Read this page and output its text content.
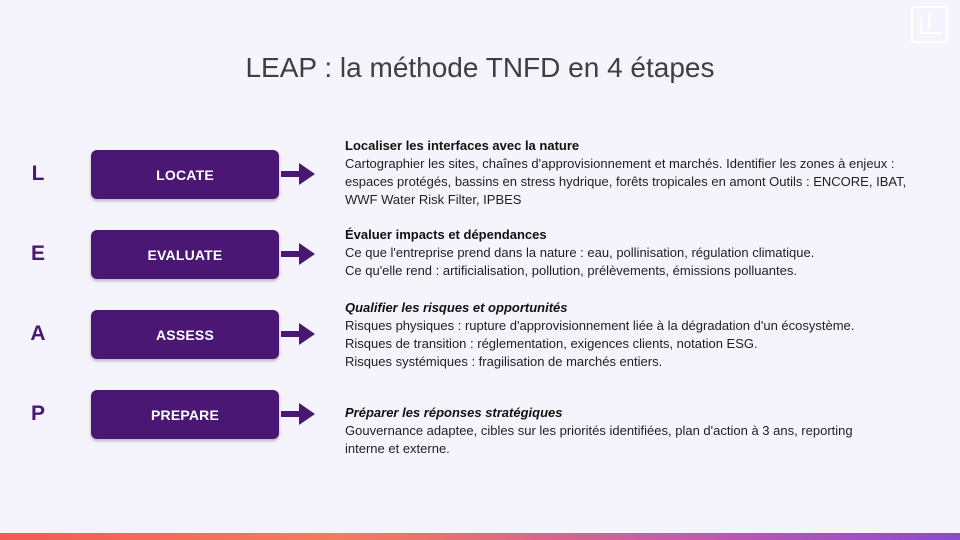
LEAP : la méthode TNFD en 4 étapes
L	LOCATE
Localiser les interfaces avec la nature
Cartographier les sites, chaînes d'approvisionnement et marchés. Identifier les zones à enjeux : espaces protégés, bassins en stress hydrique, forêts tropicales en amont Outils : ENCORE, IBAT, WWF Water Risk Filter, IPBES
E	EVALUATE
Évaluer impacts et dépendances
Ce que l'entreprise prend dans la nature : eau, pollinisation, régulation climatique.
Ce qu'elle rend : artificialisation, pollution, prélèvements, émissions polluantes.
A	ASSESS
Qualifier les risques et opportunités
Risques physiques : rupture d'approvisionnement liée à la dégradation d'un écosystème.
Risques de transition : réglementation, exigences clients, notation ESG.
Risques systémiques : fragilisation de marchés entiers.
P	PREPARE	Préparer les réponses stratégiques
Gouvernance adaptee, cibles sur les priorités identifiées, plan d'action à 3 ans, reporting interne et externe.
